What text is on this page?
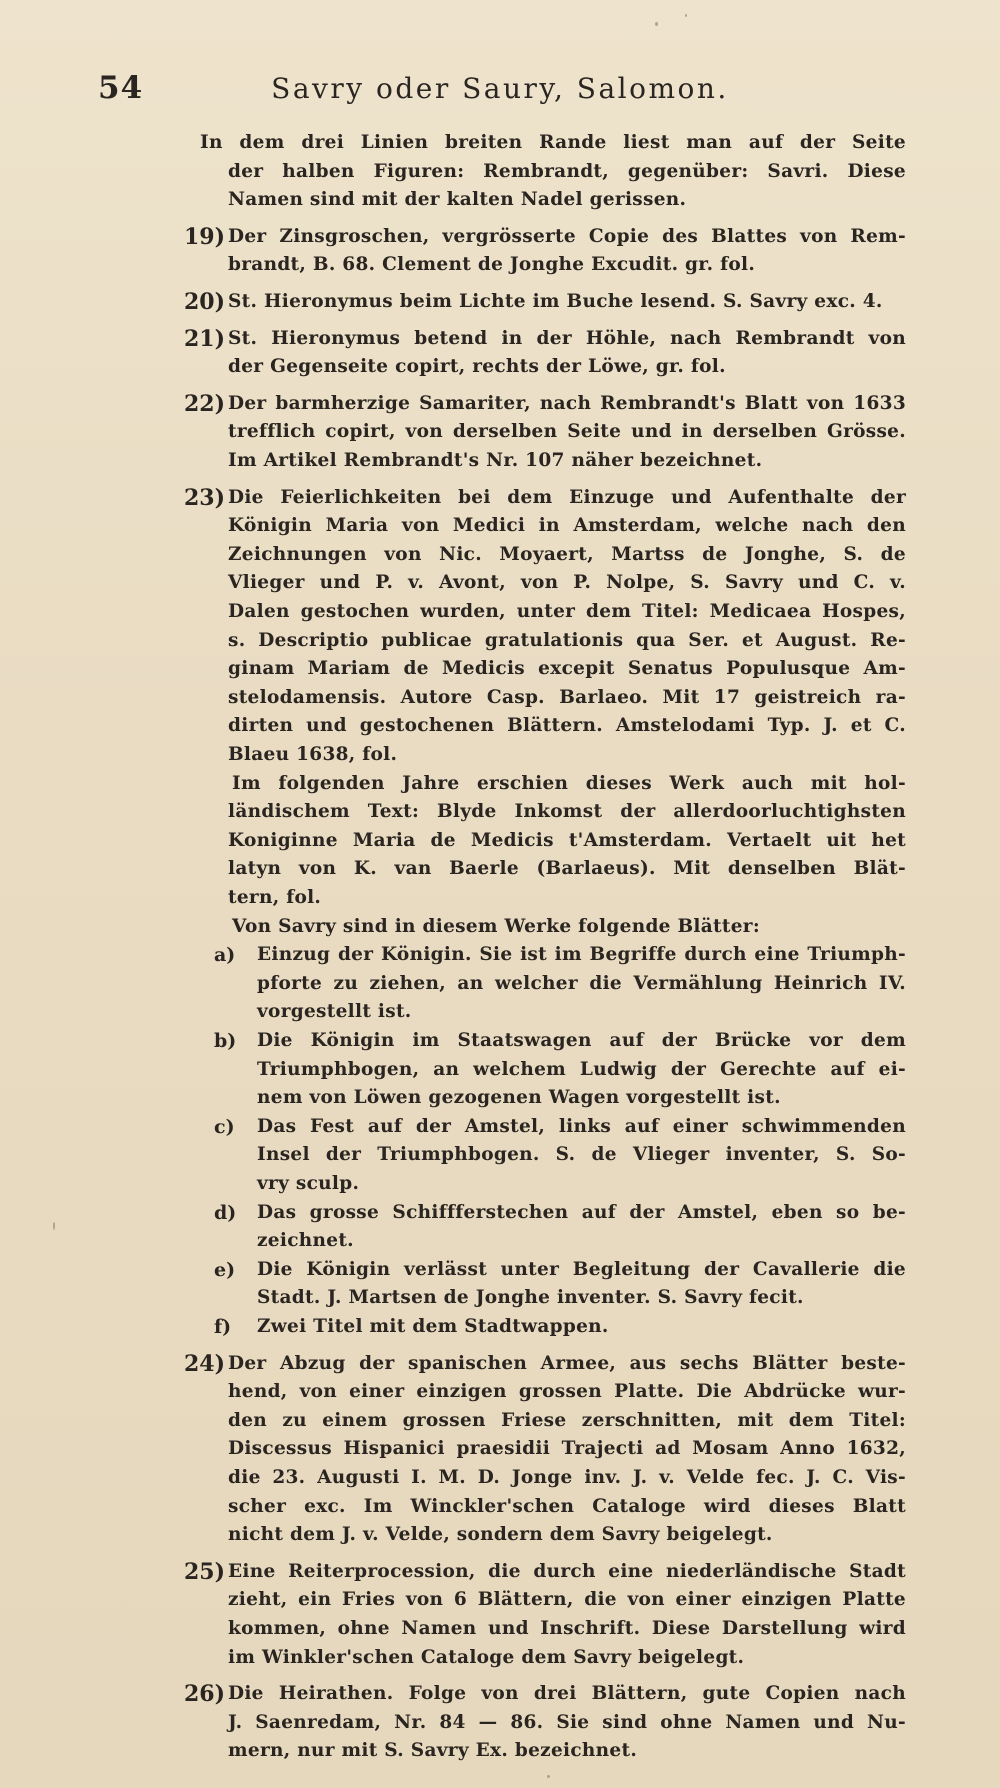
54	Savry oder Saury, Salomon.
In dem drei Linien breiten Rande liest man auf der Seite
der halben Figuren: Rembrandt, gegenüber: Savri. Diese
Namen sind mit der kalten Nadel gerissen.
19) Der Zinsgroschen, vergrösserte Copie des Blattes von Rem-
brandt, B. 68. Clement de Jonghe Excudit. gr. fol.
20) St. Hieronymus beim Lichte im Buche lesend. S. Savry exc. 4.
21) St. Hieronymus betend in der Höhle, nach Rembrandt von
der Gegenseite copirt, rechts der Löwe, gr. fol.
22) Der barmherzige Samariter, nach Rembrandt's Blatt von 1633
trefflich copirt, von derselben Seite und in derselben Grösse.
Im Artikel Rembrandt's Nr. 107 näher bezeichnet.
23) Die Feierlichkeiten bei dem Einzuge und Aufenthalte der
Königin Maria von Medici in Amsterdam, welche nach den
Zeichnungen von Nic. Moyaert, Martss de Jonghe, S. de
Vlieger und P. v. Avont, von P. Nolpe, S. Savry und C. v.
Dalen gestochen wurden, unter dem Titel: Medicaea Hospes,
s. Descriptio publicae gratulationis qua Ser. et August. Re-
ginam Mariam de Medicis excepit Senatus Populusque Am-
stelodamensis. Autore Casp. Barlaeo. Mit 17 geistreich ra-
dirten und gestochenen Blättern. Amstelodami Typ. J. et C.
Blaeu 1638, fol.
Im folgenden Jahre erschien dieses Werk auch mit hol-
ländischem Text: Blyde Inkomst der allerdoorluchtighsten
Koniginne Maria de Medicis t'Amsterdam. Vertaelt uit het
latyn von K. van Baerle (Barlaeus). Mit denselben Blät-
tern, fol.
Von Savry sind in diesem Werke folgende Blätter:
a) Einzug der Königin. Sie ist im Begriffe durch eine Triumph-
pforte zu ziehen, an welcher die Vermählung Heinrich IV.
vorgestellt ist.
b) Die Königin im Staatswagen auf der Brücke vor dem
Triumphbogen, an welchem Ludwig der Gerechte auf ei-
nem von Löwen gezogenen Wagen vorgestellt ist.
c) Das Fest auf der Amstel, links auf einer schwimmenden
Insel der Triumphbogen. S. de Vlieger inventer, S. So-
vry sculp.
d) Das grosse Schiffferstechen auf der Amstel, eben so be-
zeichnet.
e) Die Königin verlässt unter Begleitung der Cavallerie die
Stadt. J. Martsen de Jonghe inventer. S. Savry fecit.
f) Zwei Titel mit dem Stadtwappen.
24) Der Abzug der spanischen Armee, aus sechs Blätter beste-
hend, von einer einzigen grossen Platte. Die Abdrücke wur-
den zu einem grossen Friese zerschnitten, mit dem Titel:
Discessus Hispanici praesidii Trajecti ad Mosam Anno 1632,
die 23. Augusti I. M. D. Jonge inv. J. v. Velde fec. J. C. Vis-
scher exc. Im Winckler'schen Cataloge wird dieses Blatt
nicht dem J. v. Velde, sondern dem Savry beigelegt.
25) Eine Reiterprocession, die durch eine niederländische Stadt
zieht, ein Fries von 6 Blättern, die von einer einzigen Platte
kommen, ohne Namen und Inschrift. Diese Darstellung wird
im Winkler'schen Cataloge dem Savry beigelegt.
26) Die Heirathen. Folge von drei Blättern, gute Copien nach
J. Saenredam, Nr. 84 — 86. Sie sind ohne Namen und Nu-
mern, nur mit S. Savry Ex. bezeichnet.
